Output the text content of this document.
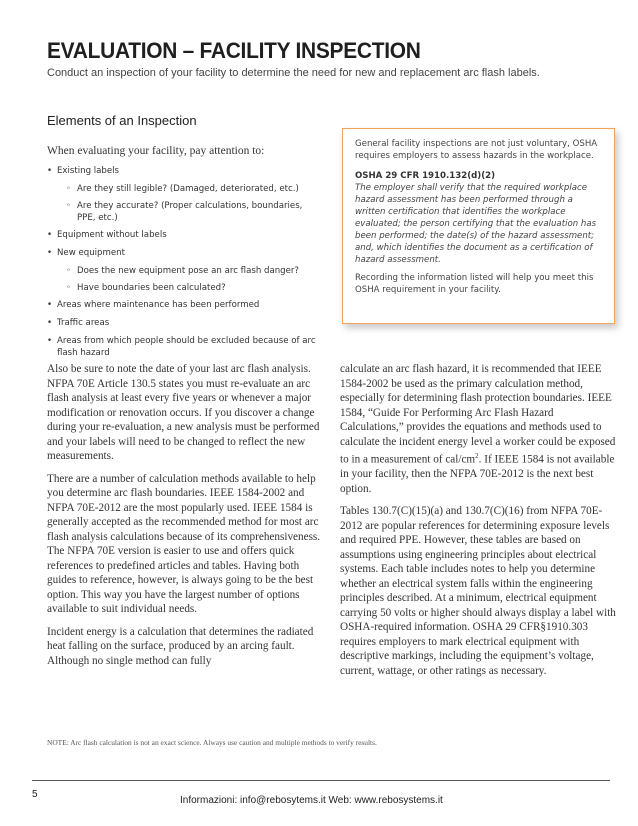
EVALUATION – FACILITY INSPECTION
Conduct an inspection of your facility to determine the need for new and replacement arc flash labels.
Elements of an Inspection
When evaluating your facility, pay attention to:
• Existing labels
◦ Are they still legible? (Damaged, deteriorated, etc.)
◦ Are they accurate? (Proper calculations, boundaries, PPE, etc.)
• Equipment without labels
• New equipment
◦ Does the new equipment pose an arc flash danger?
◦ Have boundaries been calculated?
• Areas where maintenance has been performed
• Traffic areas
• Areas from which people should be excluded because of arc flash hazard
General facility inspections are not just voluntary, OSHA requires employers to assess hazards in the workplace.
OSHA 29 CFR 1910.132(d)(2)
The employer shall verify that the required workplace hazard assessment has been performed through a written certification that identifies the workplace evaluated; the person certifying that the evaluation has been performed; the date(s) of the hazard assessment; and, which identifies the document as a certification of hazard assessment.
Recording the information listed will help you meet this OSHA requirement in your facility.

Also be sure to note the date of your last arc flash analysis. NFPA 70E Article 130.5 states you must re-evaluate an arc flash analysis at least every five years or whenever a major modification or renovation occurs. If you discover a change during your re-evaluation, a new analysis must be performed and your labels will need to be changed to reflect the new measurements.

There are a number of calculation methods available to help you determine arc flash boundaries. IEEE 1584-2002 and NFPA 70E-2012 are the most popularly used. IEEE 1584 is generally accepted as the recommended method for most arc flash analysis calculations because of its comprehensiveness. The NFPA 70E version is easier to use and offers quick references to predefined articles and tables. Having both guides to reference, however, is always going to be the best option. This way you have the largest number of options available to suit individual needs.

Incident energy is a calculation that determines the radiated heat falling on the surface, produced by an arcing fault. Although no single method can fully

calculate an arc flash hazard, it is recommended that IEEE 1584-2002 be used as the primary calculation method, especially for determining flash protection boundaries. IEEE 1584, “Guide For Performing Arc Flash Hazard Calculations,” provides the equations and methods used to calculate the incident energy level a worker could be exposed to in a measurement of cal/$cm^2$. If IEEE 1584 is not available in your facility, then the NFPA 70E-2012 is the next best option.

Tables 130.7(C)(15)(a) and 130.7(C)(16) from NFPA 70E-2012 are popular references for determining exposure levels and required PPE. However, these tables are based on assumptions using engineering principles about electrical systems. Each table includes notes to help you determine whether an electrical system falls within the engineering principles described. At a minimum, electrical equipment carrying 50 volts or higher should always display a label with OSHA-required information. OSHA 29 CFR§1910.303 requires employers to mark electrical equipment with descriptive markings, including the equipment’s voltage, current, wattage, or other ratings as necessary.

NOTE: Arc flash calculation is not an exact science. Always use caution and multiple methods to verify results.
5
Informazioni: info@rebosytems.it Web: www.rebosystems.it
